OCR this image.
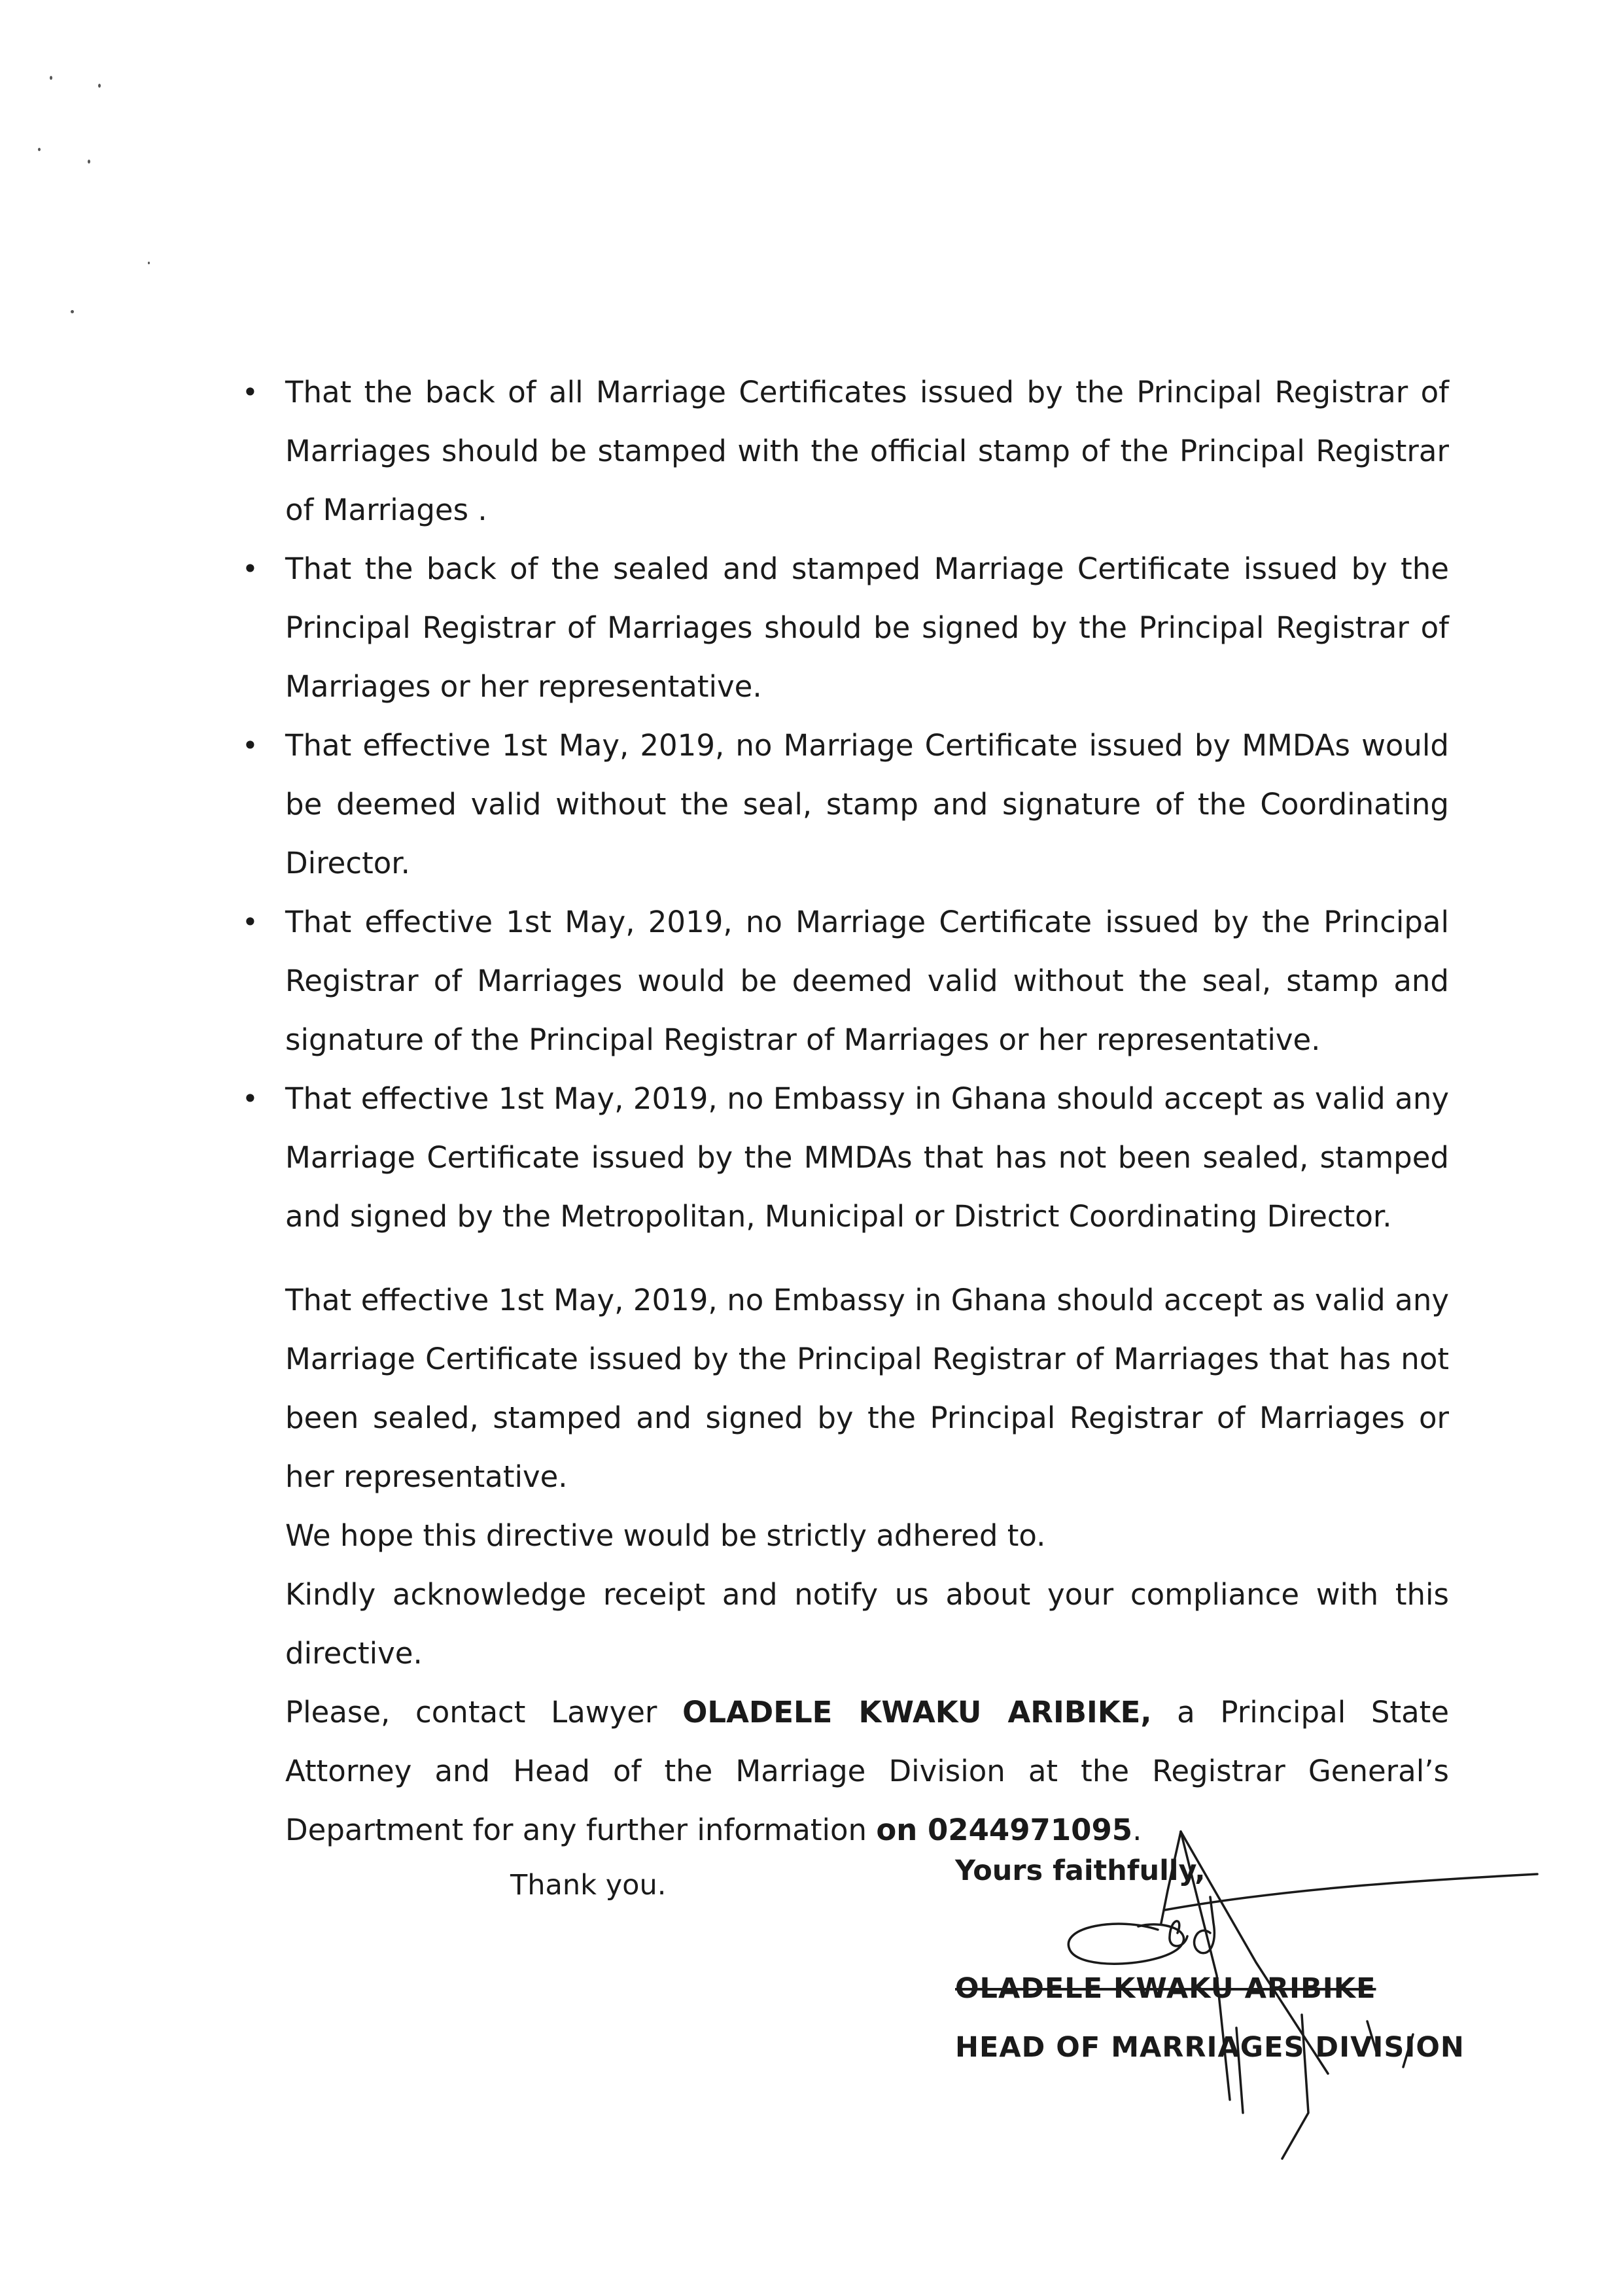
• That the back of all Marriage Certificates issued by the Principal Registrar of Marriages should be stamped with the official stamp of the Principal Registrar of Marriages .
• That the back of the sealed and stamped Marriage Certificate issued by the Principal Registrar of Marriages should be signed by the Principal Registrar of Marriages or her representative.
• That effective 1st May, 2019, no Marriage Certificate issued by MMDAs would be deemed valid without the seal, stamp and signature of the Coordinating Director.
• That effective 1st May, 2019, no Marriage Certificate issued by the Principal Registrar of Marriages would be deemed valid without the seal, stamp and signature of the Principal Registrar of Marriages or her representative.
• That effective 1st May, 2019, no Embassy in Ghana should accept as valid any Marriage Certificate issued by the MMDAs that has not been sealed, stamped and signed by the Metropolitan, Municipal or District Coordinating Director.

That effective 1st May, 2019, no Embassy in Ghana should accept as valid any Marriage Certificate issued by the Principal Registrar of Marriages that has not been sealed, stamped and signed by the Principal Registrar of Marriages or her representative.

We hope this directive would be strictly adhered to.

Kindly acknowledge receipt and notify us about your compliance with this directive.

Please, contact Lawyer OLADELE KWAKU ARIBIKE, a Principal State Attorney and Head of the Marriage Division at the Registrar General’s Department for any further information on 0244971095.

Thank you.	Yours faithfully,
OLADELE KWAKU ARIBIKE
HEAD OF MARRIAGES DIVISION
